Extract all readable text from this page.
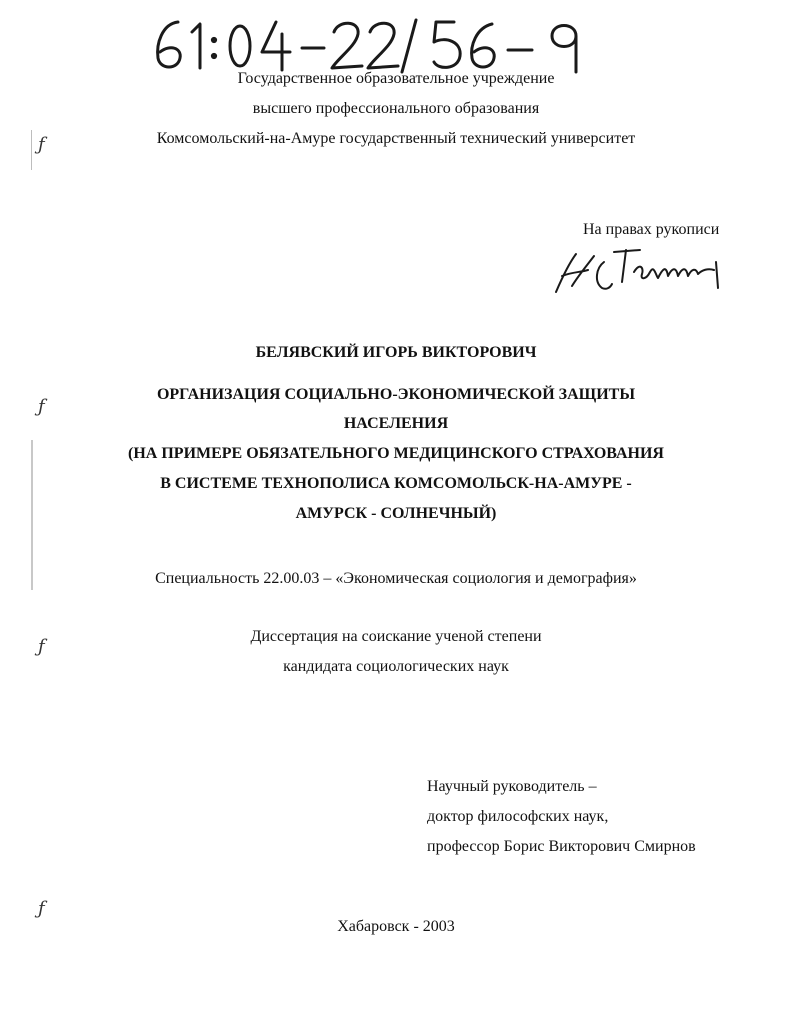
ƒ
ƒ
ƒ
ƒ
Государственное образовательное учреждение
высшего профессионального образования
Комсомольский-на-Амуре государственный технический университет
На правах рукописи
БЕЛЯВСКИЙ ИГОРЬ ВИКТОРОВИЧ
ОРГАНИЗАЦИЯ СОЦИАЛЬНО-ЭКОНОМИЧЕСКОЙ ЗАЩИТЫ
НАСЕЛЕНИЯ
(НА ПРИМЕРЕ ОБЯЗАТЕЛЬНОГО МЕДИЦИНСКОГО СТРАХОВАНИЯ
В СИСТЕМЕ ТЕХНОПОЛИСА КОМСОМОЛЬСК-НА-АМУРЕ -
АМУРСК - СОЛНЕЧНЫЙ)
Специальность 22.00.03 – «Экономическая социология и демография»
Диссертация на соискание ученой степени
кандидата социологических наук
Научный руководитель –
доктор философских наук,
профессор Борис Викторович Смирнов
Хабаровск - 2003
